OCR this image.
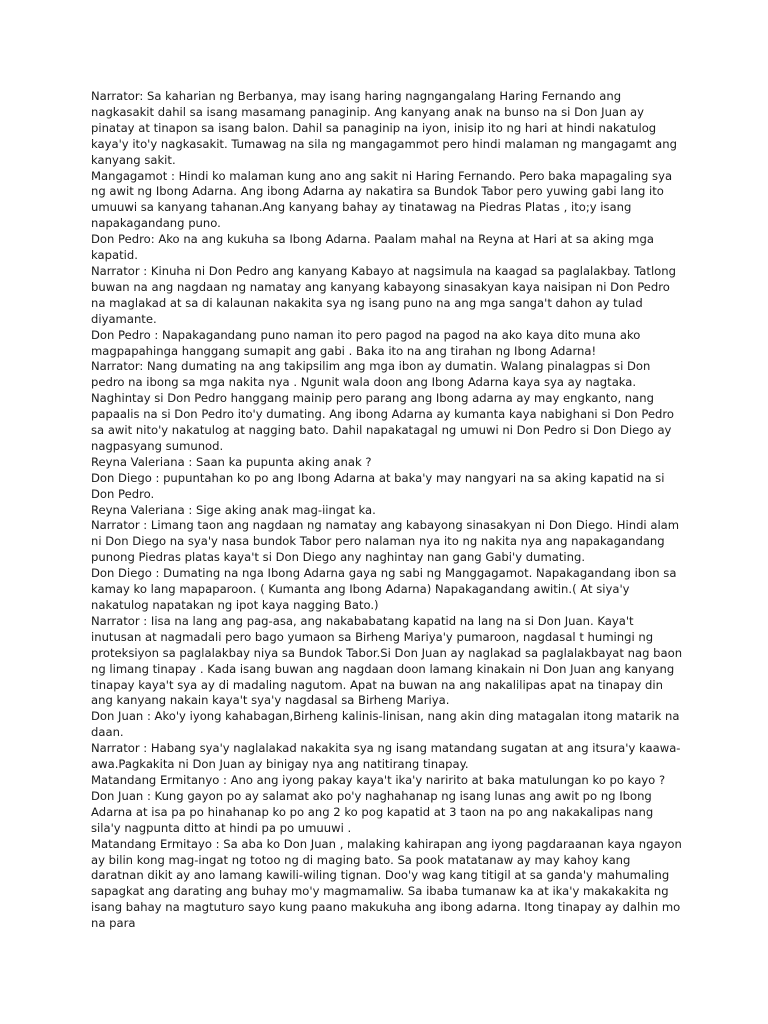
Narrator: Sa kaharian ng Berbanya, may isang haring nagngangalang Haring Fernando ang nagkasakit dahil sa isang masamang panaginip. Ang kanyang anak na bunso na si Don Juan ay pinatay at tinapon sa isang balon. Dahil sa panaginip na iyon, inisip ito ng hari at hindi nakatulog kaya'y ito'y nagkasakit. Tumawag na sila ng mangagammot pero hindi malaman ng mangagamt ang kanyang sakit.

Mangagamot : Hindi ko malaman kung ano ang sakit ni Haring Fernando. Pero baka mapagaling sya ng awit ng Ibong Adarna. Ang ibong Adarna ay nakatira sa Bundok Tabor pero yuwing gabi lang ito umuuwi sa kanyang tahanan.Ang kanyang bahay ay tinatawag na Piedras Platas , ito;y isang napakagandang puno.

Don Pedro: Ako na ang kukuha sa Ibong Adarna. Paalam mahal na Reyna at Hari at sa aking mga kapatid.

Narrator : Kinuha ni Don Pedro ang kanyang Kabayo at nagsimula na kaagad sa paglalakbay. Tatlong buwan na ang nagdaan ng namatay ang kanyang kabayong sinasakyan kaya naisipan ni Don Pedro na maglakad at sa di kalaunan nakakita sya ng isang puno na ang mga sanga't dahon ay tulad diyamante.

Don Pedro : Napakagandang puno naman ito pero pagod na pagod na ako kaya dito muna ako magpapahinga hanggang sumapit ang gabi . Baka ito na ang tirahan ng Ibong Adarna!

Narrator: Nang dumating na ang takipsilim ang mga ibon ay dumatin. Walang pinalagpas si Don pedro na ibong sa mga nakita nya . Ngunit wala doon ang Ibong Adarna kaya sya ay nagtaka. Naghintay si Don Pedro hanggang mainip pero parang ang Ibong adarna ay may engkanto, nang papaalis na si Don Pedro ito'y dumating. Ang ibong Adarna ay kumanta kaya nabighani si Don Pedro sa awit nito'y nakatulog at nagging bato. Dahil napakatagal ng umuwi ni Don Pedro si Don Diego ay nagpasyang sumunod.

Reyna Valeriana : Saan ka pupunta aking anak ?

Don Diego : pupuntahan ko po ang Ibong Adarna at baka'y may nangyari na sa aking kapatid na si Don Pedro.

Reyna Valeriana : Sige aking anak mag-iingat ka.

Narrator : Limang taon ang nagdaan ng namatay ang kabayong sinasakyan ni Don Diego. Hindi alam ni Don Diego na sya'y nasa bundok Tabor pero nalaman nya ito ng nakita nya ang napakagandang punong Piedras platas kaya't si Don Diego any naghintay nan gang Gabi'y dumating.

Don Diego : Dumating na nga Ibong Adarna gaya ng sabi ng Manggagamot. Napakagandang ibon sa kamay ko lang mapaparoon. ( Kumanta ang Ibong Adarna) Napakagandang awitin.( At siya'y nakatulog napatakan ng ipot kaya nagging Bato.)

Narrator : Iisa na lang ang pag-asa, ang nakababatang kapatid na lang na si Don Juan. Kaya't inutusan at nagmadali pero bago yumaon sa Birheng Mariya'y pumaroon, nagdasal t humingi ng proteksiyon sa paglalakbay niya sa Bundok Tabor.Si Don Juan ay naglakad sa paglalakbayat nag baon ng limang tinapay . Kada isang buwan ang nagdaan doon lamang kinakain ni Don Juan ang kanyang tinapay kaya't sya ay di madaling nagutom. Apat na buwan na ang nakalilipas apat na tinapay din ang kanyang nakain kaya't sya'y nagdasal sa Birheng Mariya.

Don Juan : Ako'y iyong kahabagan,Birheng kalinis-linisan, nang akin ding matagalan itong matarik na daan.

Narrator : Habang sya'y naglalakad nakakita sya ng isang matandang sugatan at ang itsura'y kaawa-awa.Pagkakita ni Don Juan ay binigay nya ang natitirang tinapay.

Matandang Ermitanyo : Ano ang iyong pakay kaya't ika'y naririto at baka matulungan ko po kayo ?

Don Juan : Kung gayon po ay salamat ako po'y naghahanap ng isang lunas ang awit po ng Ibong Adarna at isa pa po hinahanap ko po ang 2 ko pog kapatid at 3 taon na po ang nakakalipas nang sila'y nagpunta ditto at hindi pa po umuuwi .

Matandang Ermitayo : Sa aba ko Don Juan , malaking kahirapan ang iyong pagdaraanan kaya ngayon ay bilin kong mag-ingat ng totoo ng di maging bato. Sa pook matatanaw ay may kahoy kang daratnan dikit ay ano lamang kawili-wiling tignan. Doo'y wag kang titigil at sa ganda'y mahumaling sapagkat ang darating ang buhay mo'y magmamaliw. Sa ibaba tumanaw ka at ika'y makakakita ng isang bahay na magtuturo sayo kung paano makukuha ang ibong adarna. Itong tinapay ay dalhin mo na para
